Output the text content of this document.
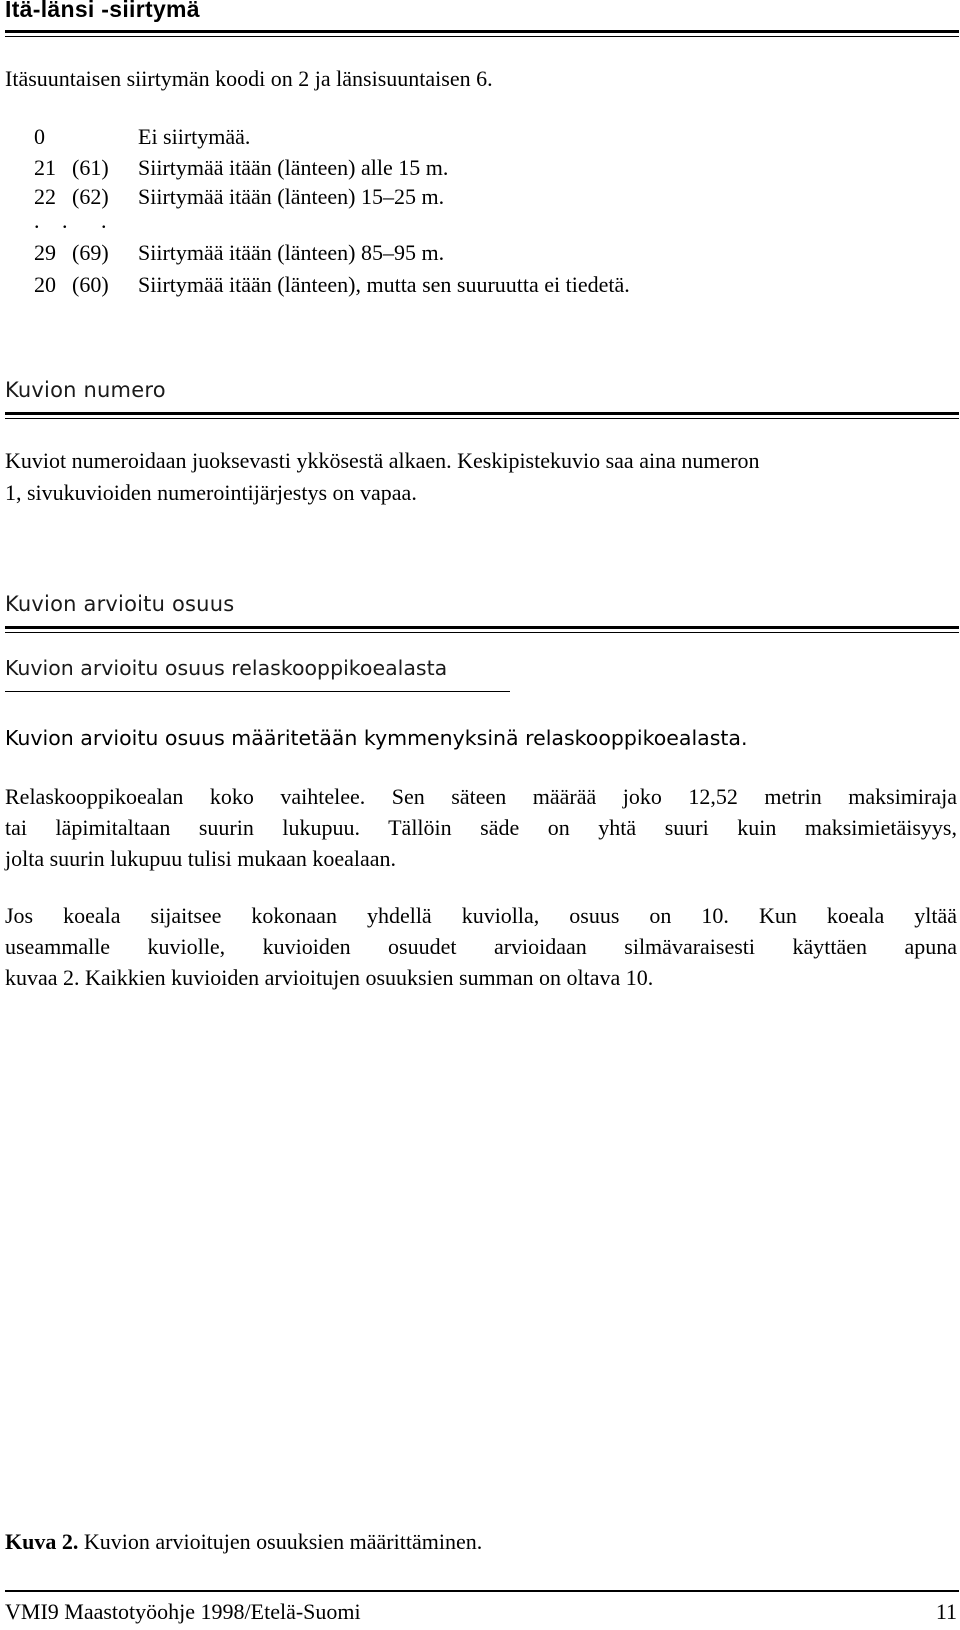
Itä-länsi -siirtymä
Itäsuuntaisen siirtymän koodi on 2 ja länsisuuntaisen 6.
0	Ei siirtymää.
21 (61) Siirtymää itään (länteen) alle 15 m.
22 (62) Siirtymää itään (länteen) 15–25 m.
. . .
29 (69) Siirtymää itään (länteen) 85–95 m.
20 (60) Siirtymää itään (länteen), mutta sen suuruutta ei tiedetä.
Kuvion numero
Kuviot numeroidaan juoksevasti ykkösestä alkaen. Keskipistekuvio saa aina numeron
1, sivukuvioiden numerointijärjestys on vapaa.
Kuvion arvioitu osuus
Kuvion arvioitu osuus relaskooppikoealasta
Kuvion arvioitu osuus määritetään kymmenyksinä relaskooppikoealasta.
Relaskooppikoealan koko vaihtelee. Sen säteen määrää joko 12,52 metrin maksimiraja
tai läpimitaltaan suurin lukupuu. Tällöin säde on yhtä suuri kuin maksimietäisyys,
jolta suurin lukupuu tulisi mukaan koealaan.
Jos koeala sijaitsee kokonaan yhdellä kuviolla, osuus on 10. Kun koeala yltää
useammalle kuviolle, kuvioiden osuudet arvioidaan silmävaraisesti käyttäen apuna
kuvaa 2. Kaikkien kuvioiden arvioitujen osuuksien summan on oltava 10.
Kuva 2. Kuvion arvioitujen osuuksien määrittäminen.
VMI9 Maastotyöohje 1998/Etelä-Suomi	11
